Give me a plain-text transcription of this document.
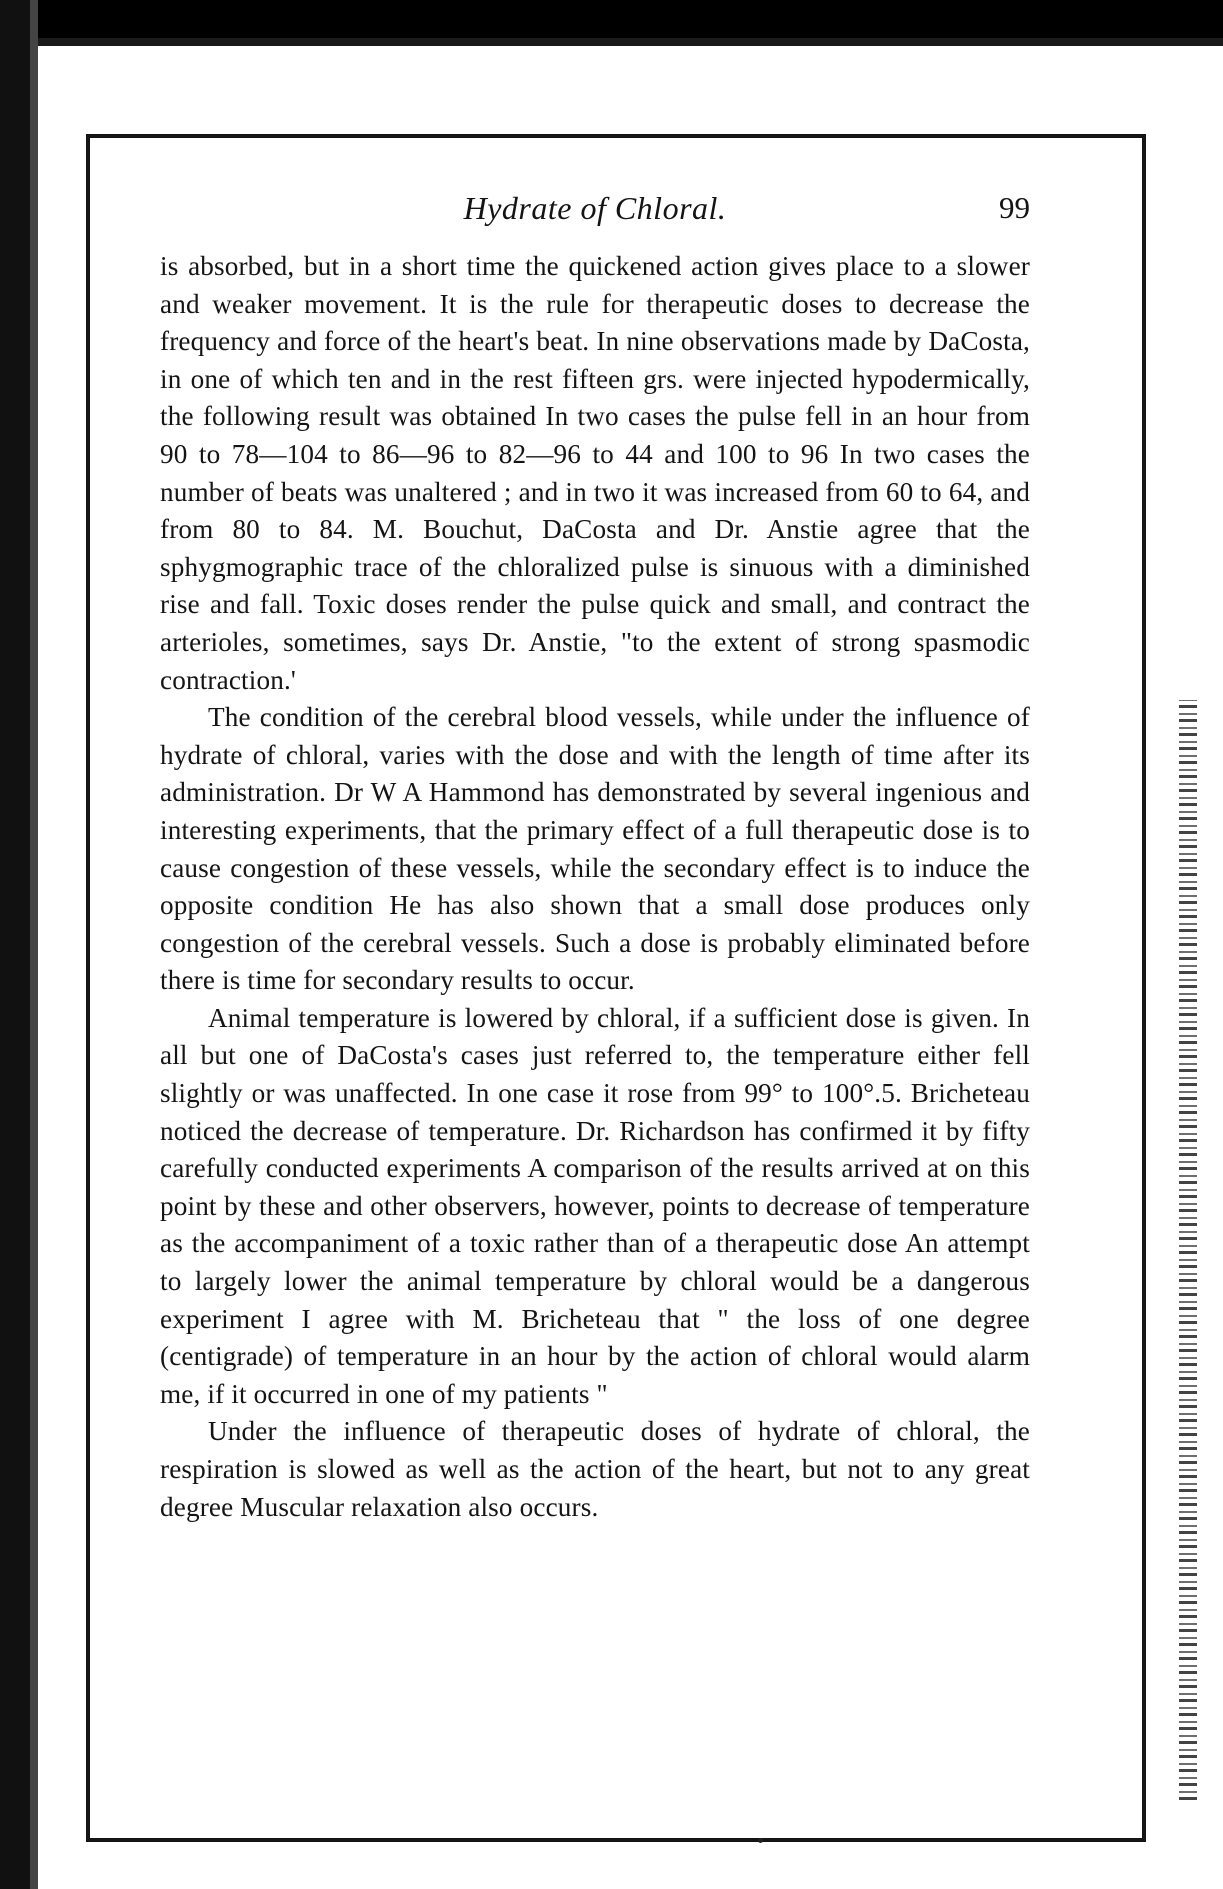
Hydrate of Chloral.	99

is absorbed, but in a short time the quickened action gives place to a slower and weaker movement. It is the rule for therapeutic doses to decrease the frequency and force of the heart's beat. In nine observations made by DaCosta, in one of which ten and in the rest fifteen grs. were injected hypodermically, the following result was obtained In two cases the pulse fell in an hour from 90 to 78—104 to 86—96 to 82—96 to 44 and 100 to 96 In two cases the number of beats was unaltered ; and in two it was increased from 60 to 64, and from 80 to 84. M. Bouchut, DaCosta and Dr. Anstie agree that the sphygmographic trace of the chloralized pulse is sinuous with a diminished rise and fall. Toxic doses render the pulse quick and small, and contract the arterioles, sometimes, says Dr. Anstie, "to the extent of strong spasmodic contraction.'

The condition of the cerebral blood vessels, while under the influence of hydrate of chloral, varies with the dose and with the length of time after its administration. Dr W A Hammond has demonstrated by several ingenious and interesting experiments, that the primary effect of a full therapeutic dose is to cause congestion of these vessels, while the secondary effect is to induce the opposite condition He has also shown that a small dose produces only congestion of the cerebral vessels. Such a dose is probably eliminated before there is time for secondary results to occur.

Animal temperature is lowered by chloral, if a sufficient dose is given. In all but one of DaCosta's cases just referred to, the temperature either fell slightly or was unaffected. In one case it rose from 99° to 100°.5. Bricheteau noticed the decrease of temperature. Dr. Richardson has confirmed it by fifty carefully conducted experiments A comparison of the results arrived at on this point by these and other observers, however, points to decrease of temperature as the accompaniment of a toxic rather than of a therapeutic dose An attempt to largely lower the animal temperature by chloral would be a dangerous experiment I agree with M. Bricheteau that " the loss of one degree (centigrade) of temperature in an hour by the action of chloral would alarm me, if it occurred in one of my patients "

Under the influence of therapeutic doses of hydrate of chloral, the respiration is slowed as well as the action of the heart, but not to any great degree Muscular relaxation also occurs.
